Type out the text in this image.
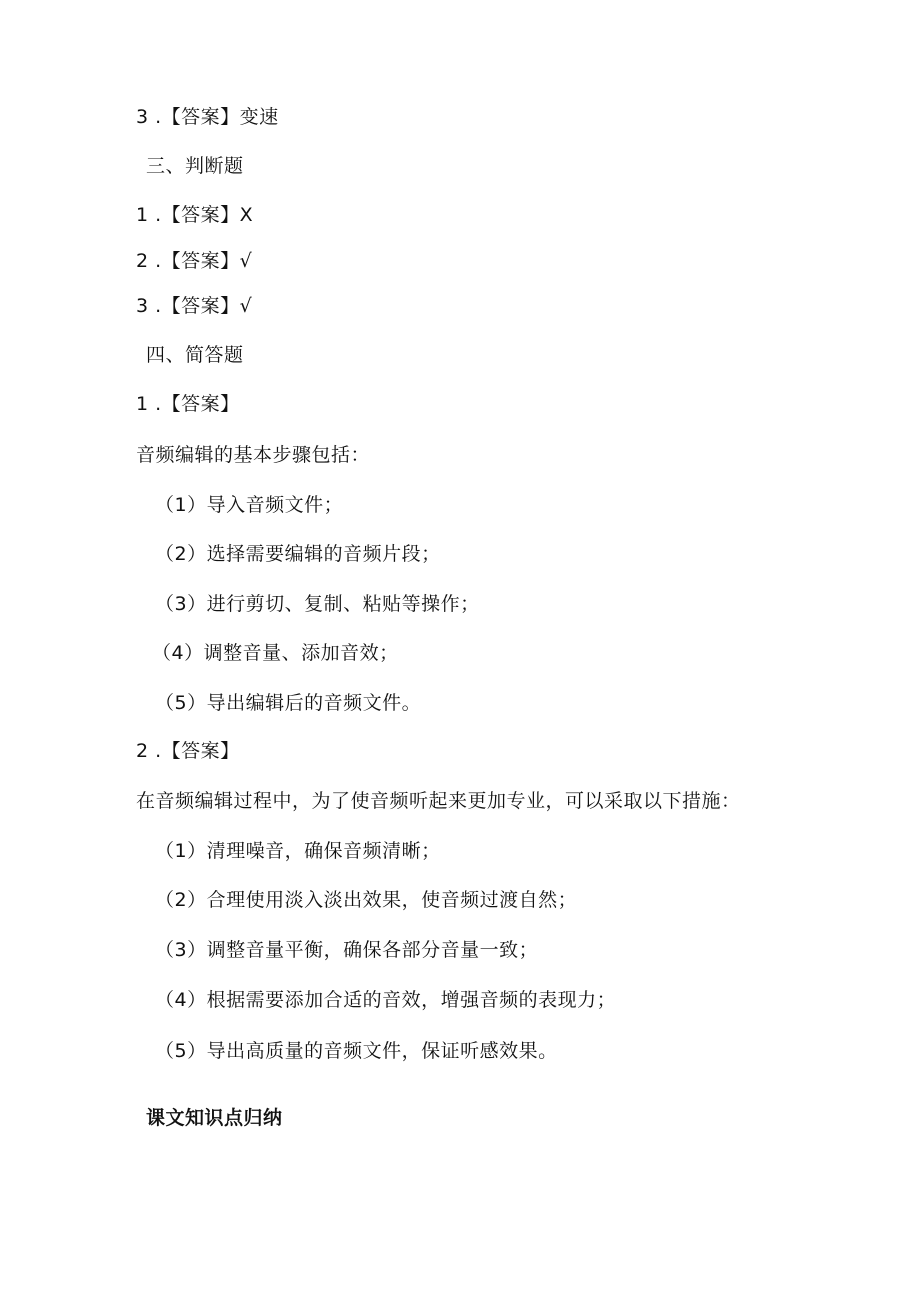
3 .【答案】变速
三、判断题
1 .【答案】X
2 .【答案】√
3 .【答案】√
四、简答题
1 .【答案】
音频编辑的基本步骤包括：
（1）导入音频文件；
（2）选择需要编辑的音频片段；
（3）进行剪切、复制、粘贴等操作；
（4）调整音量、添加音效；
（5）导出编辑后的音频文件。
2 .【答案】
在音频编辑过程中，为了使音频听起来更加专业，可以采取以下措施：
（1）清理噪音，确保音频清晰；
（2）合理使用淡入淡出效果，使音频过渡自然；
（3）调整音量平衡，确保各部分音量一致；
（4）根据需要添加合适的音效，增强音频的表现力；
（5）导出高质量的音频文件，保证听感效果。
课文知识点归纳
